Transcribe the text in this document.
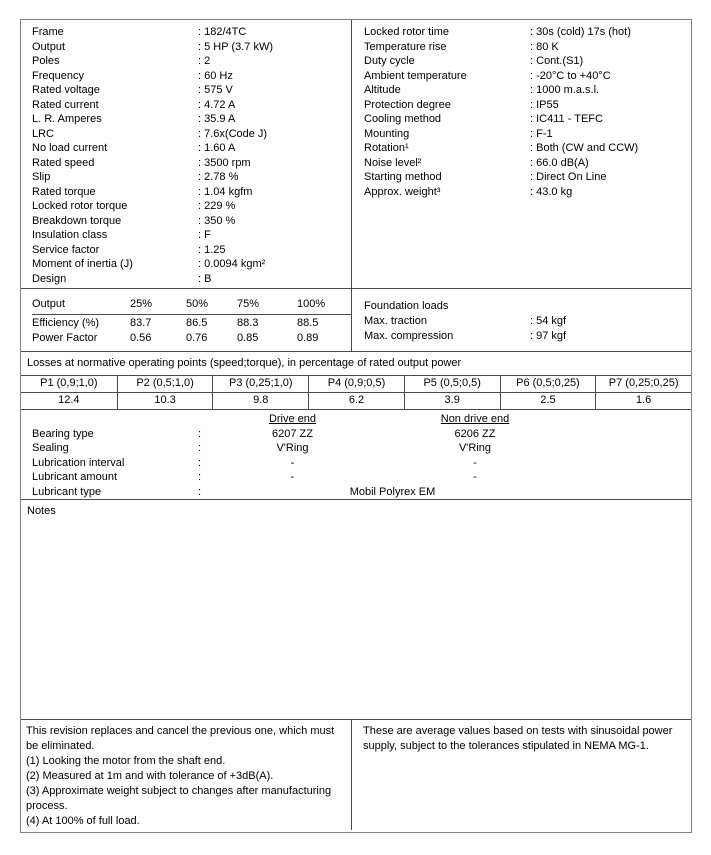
Frame	: 182/4TC
Output	: 5 HP (3.7 kW)
Poles	: 2
Frequency	: 60 Hz
Rated voltage	: 575 V
Rated current	: 4.72 A
L. R. Amperes	: 35.9 A
LRC	: 7.6x(Code J)
No load current	: 1.60 A
Rated speed	: 3500 rpm
Slip	: 2.78 %
Rated torque	: 1.04 kgfm
Locked rotor torque	: 229 %
Breakdown torque	: 350 %
Insulation class	: F
Service factor	: 1.25
Moment of inertia (J)	: 0.0094 kgm²
Design	: B
Locked rotor time	: 30s (cold) 17s (hot)
Temperature rise	: 80 K
Duty cycle	: Cont.(S1)
Ambient temperature	: -20°C to +40°C
Altitude	: 1000 m.a.s.l.
Protection degree	: IP55
Cooling method	: IC411 - TEFC
Mounting	: F-1
Rotation¹	: Both (CW and CCW)
Noise level²	: 66.0 dB(A)
Starting method	: Direct On Line
Approx. weight³	: 43.0 kg
Output	25%	50%	75%	100%
Efficiency (%)	83.7	86.5	88.3	88.5
Power Factor	0.56	0.76	0.85	0.89
Foundation loads
Max. traction	: 54 kgf
Max. compression	: 97 kgf
Losses at normative operating points (speed;torque), in percentage of rated output power
P1 (0,9;1,0)	P2 (0,5;1,0)	P3 (0,25;1,0)	P4 (0,9;0,5)	P5 (0,5;0,5)	P6 (0,5;0,25)	P7 (0,25;0,25)
12.4	10.3	9.8	6.2	3.9	2.5	1.6
Drive end	Non drive end
Bearing type :	6207 ZZ	6206 ZZ
Sealing :	V'Ring	V'Ring
Lubrication interval :	-	-
Lubricant amount :	-	-
Lubricant type :	Mobil Polyrex EM
Notes

This revision replaces and cancel the previous one, which must be eliminated.

(1) Looking the motor from the shaft end.

(2) Measured at 1m and with tolerance of +3dB(A).

(3) Approximate weight subject to changes after manufacturing process.

(4) At 100% of full load.

These are average values based on tests with sinusoidal power supply, subject to the tolerances stipulated in NEMA MG-1.
